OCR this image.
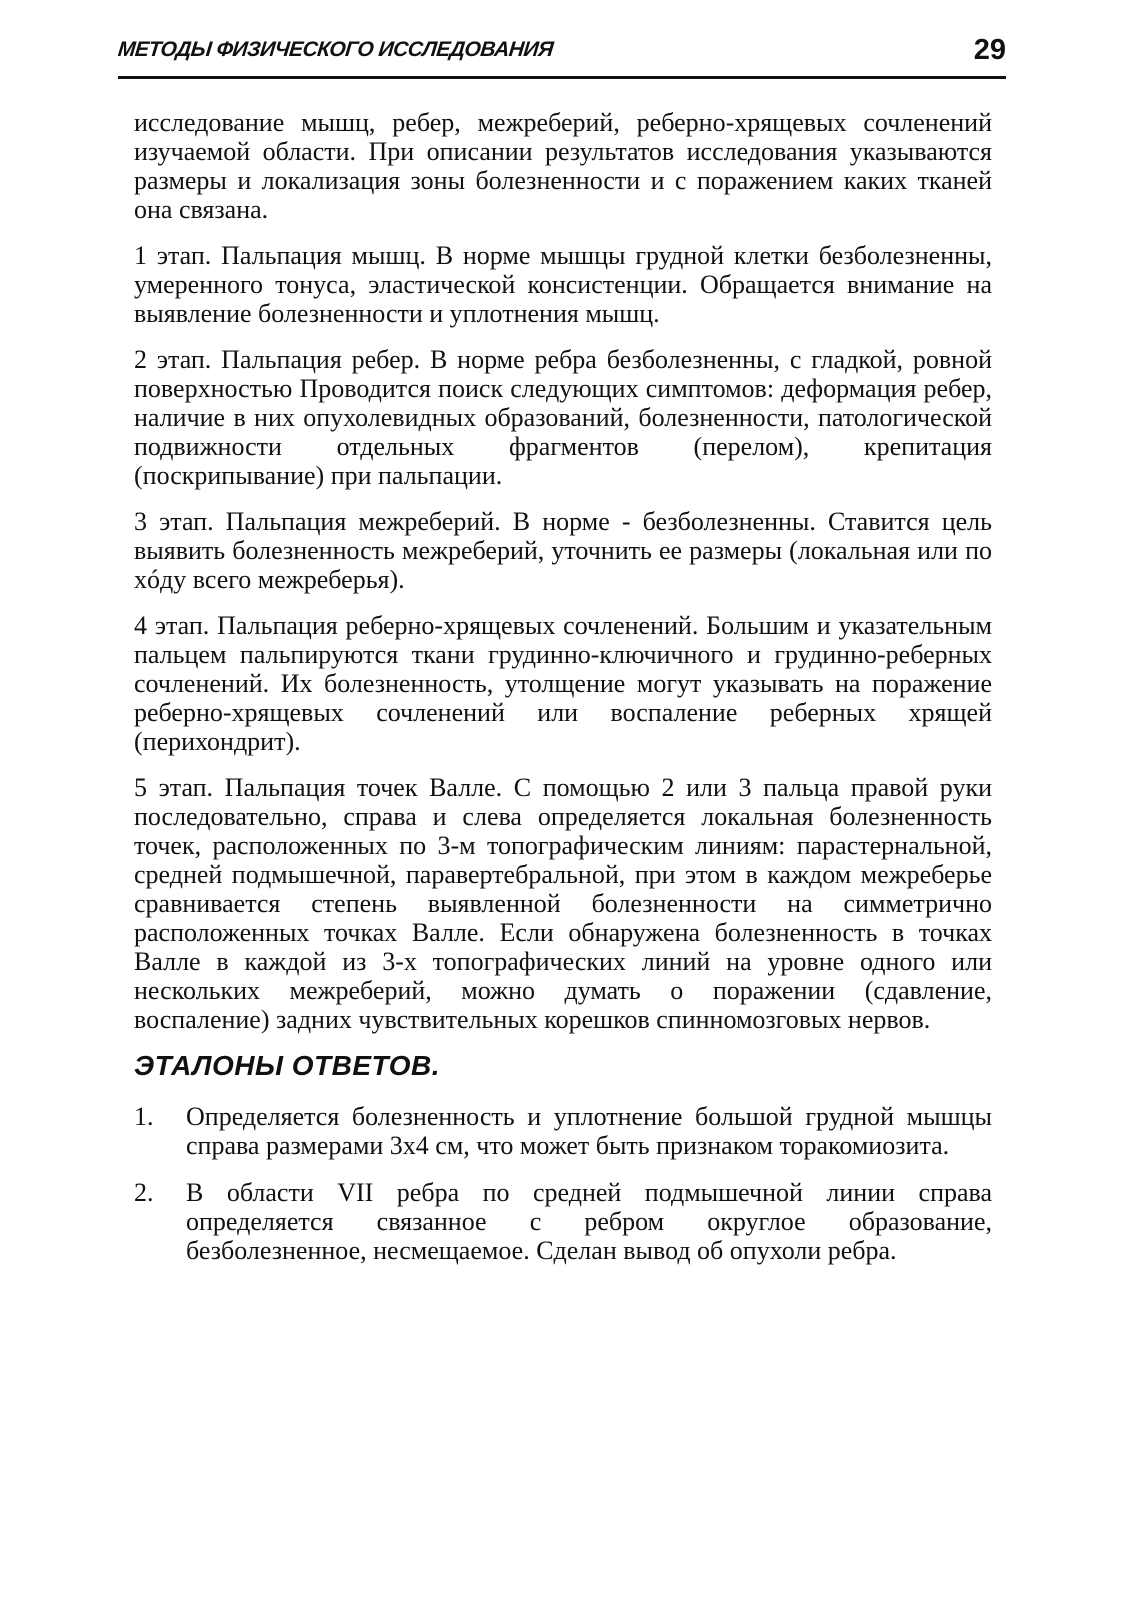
МЕТОДЫ ФИЗИЧЕСКОГО ИССЛЕДОВАНИЯ	29

исследование мышц, ребер, межреберий, реберно-хрящевых сочленений изучаемой области. При описании результатов исследования указываются размеры и локализация зоны болезненности и с поражением каких тканей она связана.

1 этап. Пальпация мышц. В норме мышцы грудной клетки безболезненны, умеренного тонуса, эластической консистенции. Обращается внимание на выявление болезненности и уплотнения мышц.

2 этап. Пальпация ребер. В норме ребра безболезненны, с гладкой, ровной поверхностью Проводится поиск следующих симптомов: деформация ребер, наличие в них опухолевидных образований, болезненности, патологической подвижности отдельных фрагментов (перелом), крепитация (поскрипывание) при пальпации.

3 этап. Пальпация межреберий. В норме - безболезненны. Ставится цель выявить болезненность межреберий, уточнить ее размеры (локальная или по хóду всего межреберья).

4 этап. Пальпация реберно-хрящевых сочленений. Большим и указательным пальцем пальпируются ткани грудинно-ключичного и грудинно-реберных сочленений. Их болезненность, утолщение могут указывать на поражение реберно-хрящевых сочленений или воспаление реберных хрящей (перихондрит).

5 этап. Пальпация точек Валле. С помощью 2 или 3 пальца правой руки последовательно, справа и слева определяется локальная болезненность точек, расположенных по 3-м топографическим линиям: парастернальной, средней подмышечной, паравертебральной, при этом в каждом межреберье сравнивается степень выявленной болезненности на симметрично расположенных точках Валле. Если обнаружена болезненность в точках Валле в каждой из 3-х топографических линий на уровне одного или нескольких межреберий, можно думать о поражении (сдавление, воспаление) задних чувствительных корешков спинномозговых нервов.

ЭТАЛОНЫ ОТВЕТОВ.
1.	Определяется болезненность и уплотнение большой грудной мышцы справа размерами 3х4 см, что может быть признаком торакомиозита.
2.	В области VII ребра по средней подмышечной линии справа определяется связанное с ребром округлое образование, безболезненное, несмещаемое. Сделан вывод об опухоли ребра.
